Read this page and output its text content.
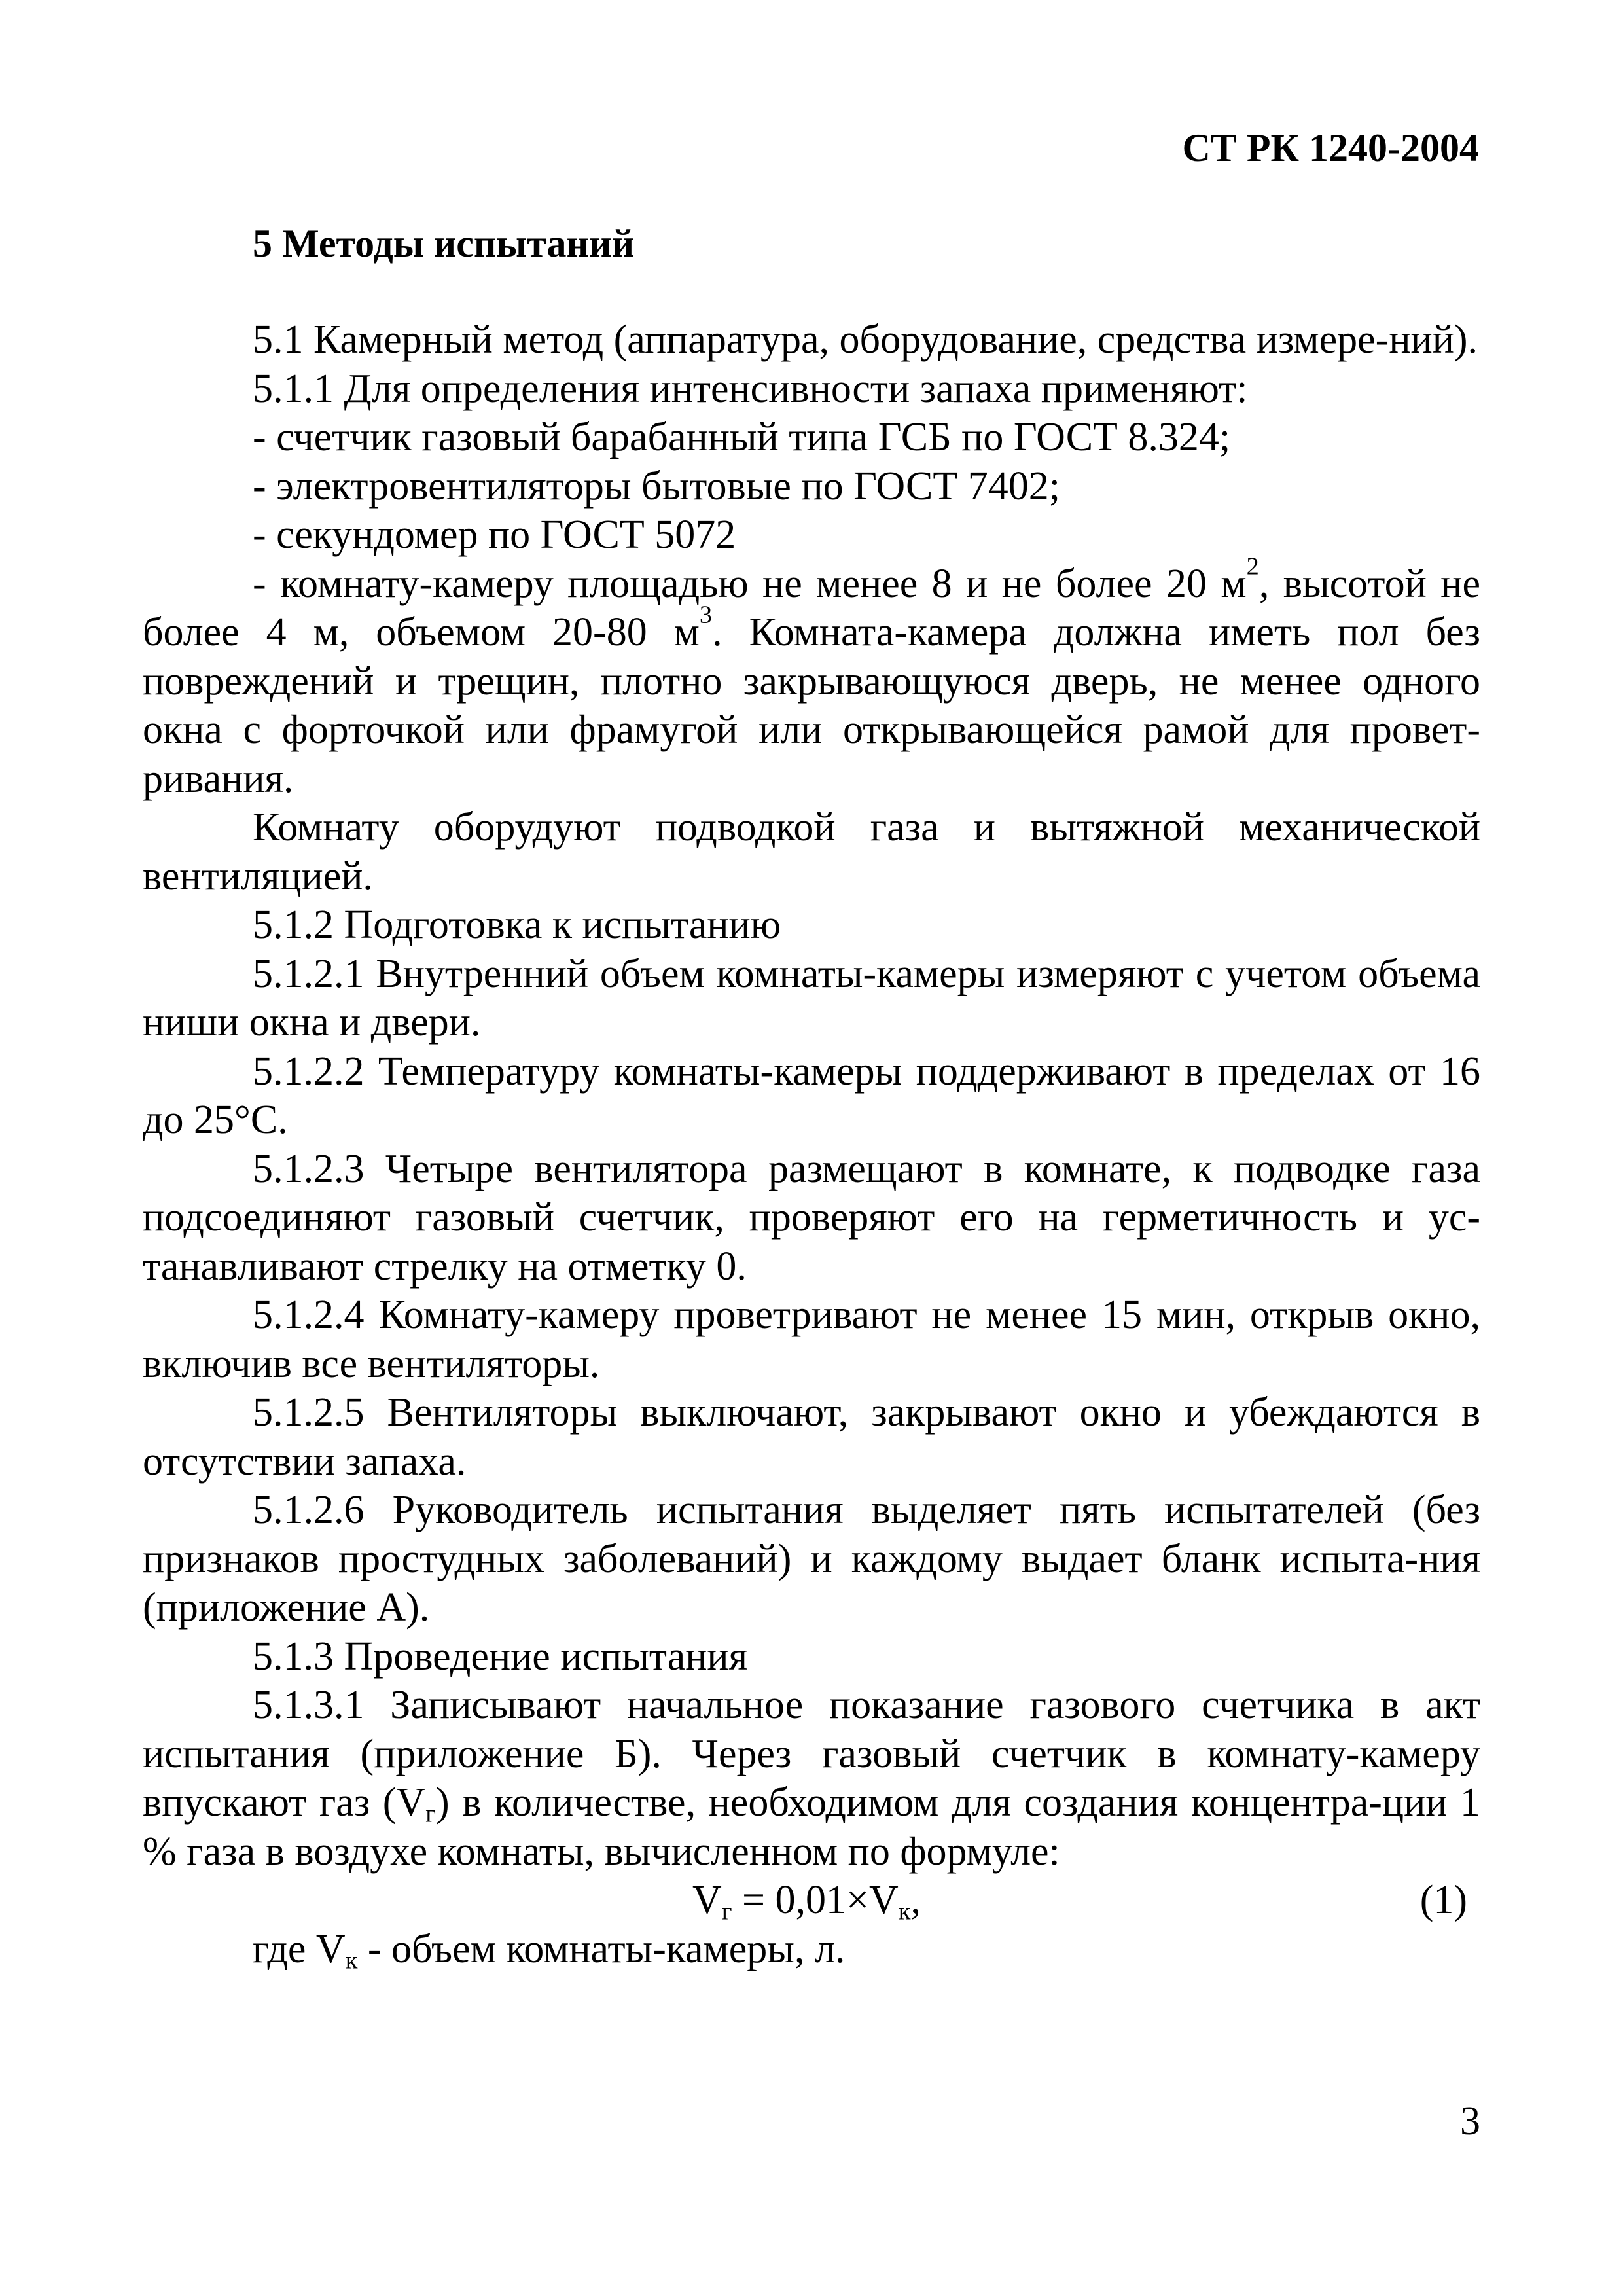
СТ РК 1240-2004
5 Методы испытаний

5.1 Камерный метод (аппаратура, оборудование, средства измере-ний).

5.1.1 Для определения интенсивности запаха применяют:

- счетчик газовый барабанный типа ГСБ по ГОСТ 8.324;

- электровентиляторы бытовые по ГОСТ 7402;

- секундомер по ГОСТ 5072

- комнату-камеру площадью не менее 8 и не более 20 $м^2$, высотой не более 4 м, объемом 20-80 $м^3$. Комната-камера должна иметь пол без повреждений и трещин, плотно закрывающуюся дверь, не менее одного окна с форточкой или фрамугой или открывающейся рамой для провет-ривания.

Комнату оборудуют подводкой газа и вытяжной механической вентиляцией.

5.1.2 Подготовка к испытанию

5.1.2.1 Внутренний объем комнаты-камеры измеряют с учетом объема ниши окна и двери.

5.1.2.2 Температуру комнаты-камеры поддерживают в пределах от 16 до 25°С.

5.1.2.3 Четыре вентилятора размещают в комнате, к подводке газа подсоединяют газовый счетчик, проверяют его на герметичность и ус-танавливают стрелку на отметку 0.

5.1.2.4 Комнату-камеру проветривают не менее 15 мин, открыв окно, включив все вентиляторы.

5.1.2.5 Вентиляторы выключают, закрывают окно и убеждаются в отсутствии запаха.

5.1.2.6 Руководитель испытания выделяет пять испытателей (без признаков простудных заболеваний) и каждому выдает бланк испыта-ния (приложение А).

5.1.3 Проведение испытания

5.1.3.1 Записывают начальное показание газового счетчика в акт испытания (приложение Б). Через газовый счетчик в комнату-камеру впускают газ $(V_г)$ в количестве, необходимом для создания концентра-ции 1 % газа в воздухе комнаты, вычисленном по формуле:

$V_г = 0,01\times V_к$,	(1)

где $V_к$ - объем комнаты-камеры, л.

3
